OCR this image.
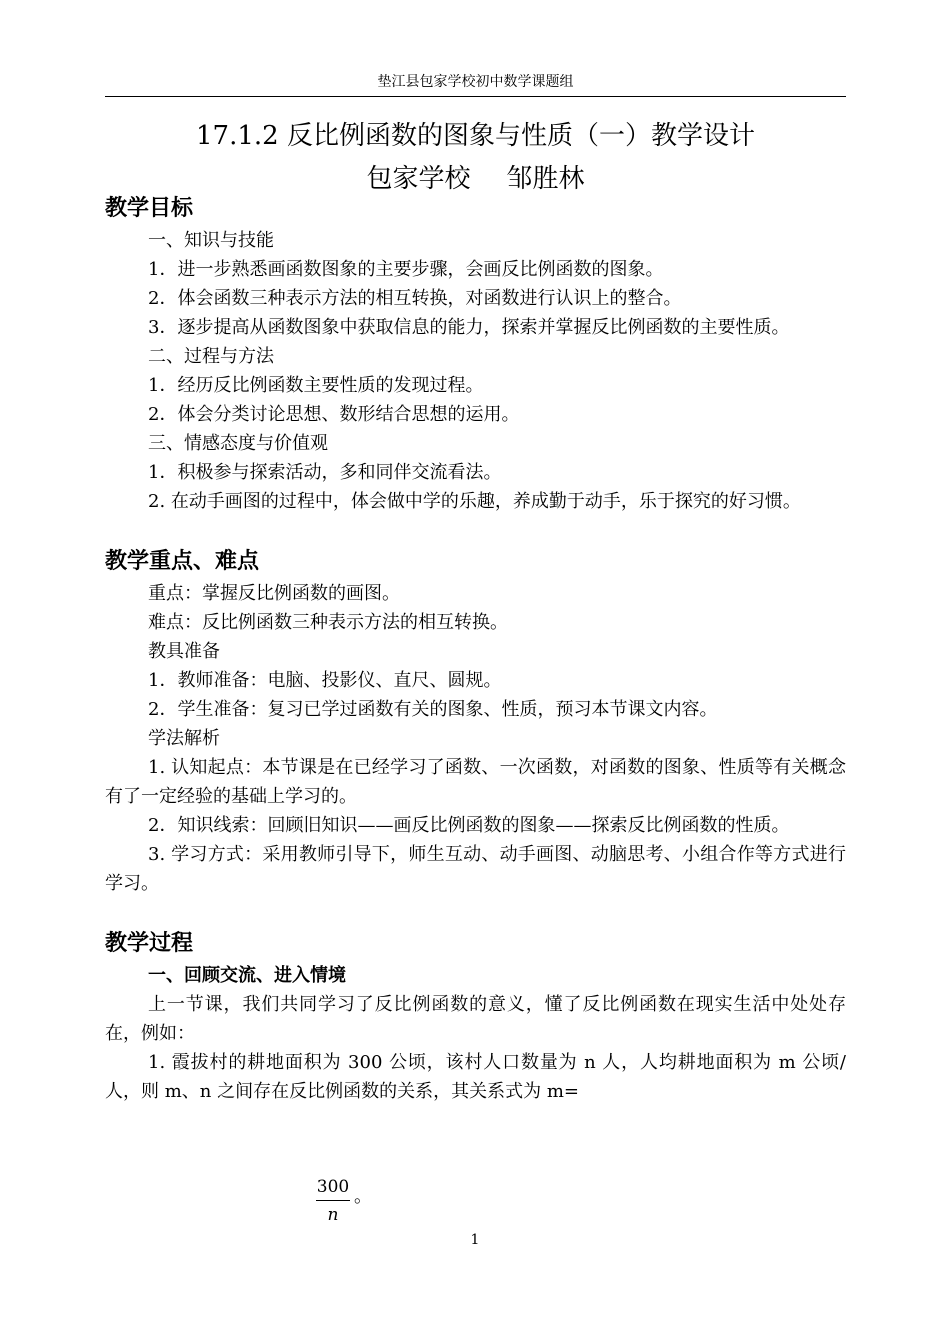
垫江县包家学校初中数学课题组
17.1.2 反比例函数的图象与性质（一）教学设计
包家学校 邹胜林
教学目标
一、知识与技能
1．进一步熟悉画函数图象的主要步骤，会画反比例函数的图象。
2．体会函数三种表示方法的相互转换，对函数进行认识上的整合。
3．逐步提高从函数图象中获取信息的能力，探索并掌握反比例函数的主要性质。
二、过程与方法
1．经历反比例函数主要性质的发现过程。
2．体会分类讨论思想、数形结合思想的运用。
三、情感态度与价值观
1．积极参与探索活动，多和同伴交流看法。
2. 在动手画图的过程中，体会做中学的乐趣，养成勤于动手，乐于探究的好习惯。
教学重点、难点
重点：掌握反比例函数的画图。
难点：反比例函数三种表示方法的相互转换。
教具准备
1．教师准备：电脑、投影仪、直尺、圆规。
2．学生准备：复习已学过函数有关的图象、性质，预习本节课文内容。
学法解析
1. 认知起点：本节课是在已经学习了函数、一次函数，对函数的图象、性质等有关概念有了一定经验的基础上学习的。
2．知识线索：回顾旧知识——画反比例函数的图象——探索反比例函数的性质。
3. 学习方式：采用教师引导下，师生互动、动手画图、动脑思考、小组合作等方式进行学习。
教学过程
一、回顾交流、进入情境
上一节课，我们共同学习了反比例函数的意义，懂了反比例函数在现实生活中处处存在，例如：
1. 霞拔村的耕地面积为 300 公顷，该村人口数量为 n 人，人均耕地面积为 m 公顷/人，则 m、n 之间存在反比例函数的关系，其关系式为 m=
300
n
。
1
